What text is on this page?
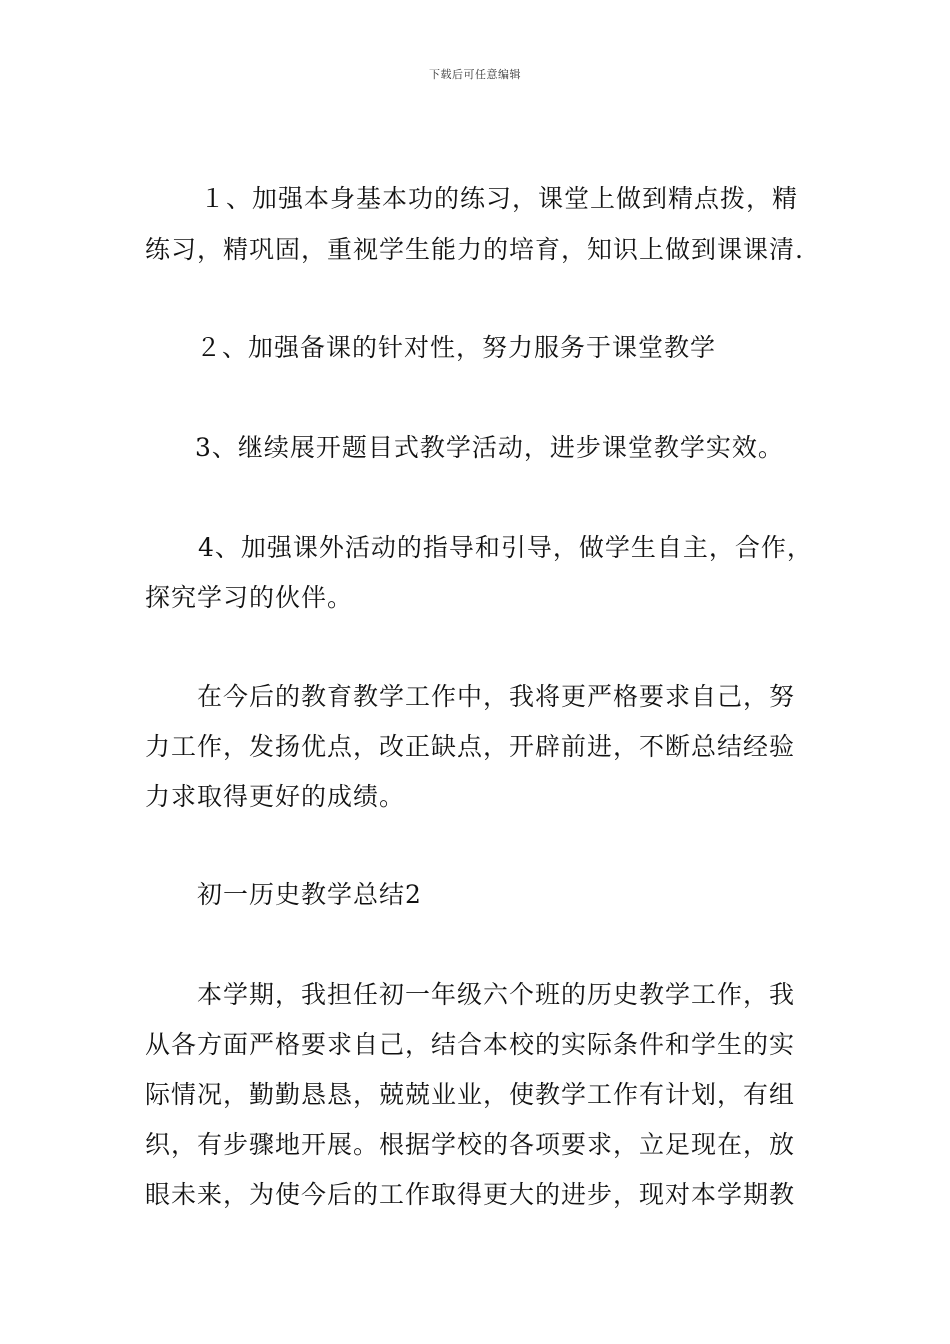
下载后可任意编辑
１、加强本身基本功的练习，课堂上做到精点拨，精
练习，精巩固，重视学生能力的培育，知识上做到课课清.
２、加强备课的针对性，努力服务于课堂教学
3、继续展开题目式教学活动，进步课堂教学实效。
4、加强课外活动的指导和引导，做学生自主，合作，
探究学习的伙伴。
在今后的教育教学工作中，我将更严格要求自己，努
力工作，发扬优点，改正缺点，开辟前进，不断总结经验
力求取得更好的成绩。
初一历史教学总结2
本学期，我担任初一年级六个班的历史教学工作，我
从各方面严格要求自己，结合本校的实际条件和学生的实
际情况，勤勤恳恳，兢兢业业，使教学工作有计划，有组
织，有步骤地开展。根据学校的各项要求，立足现在，放
眼未来，为使今后的工作取得更大的进步，现对本学期教
